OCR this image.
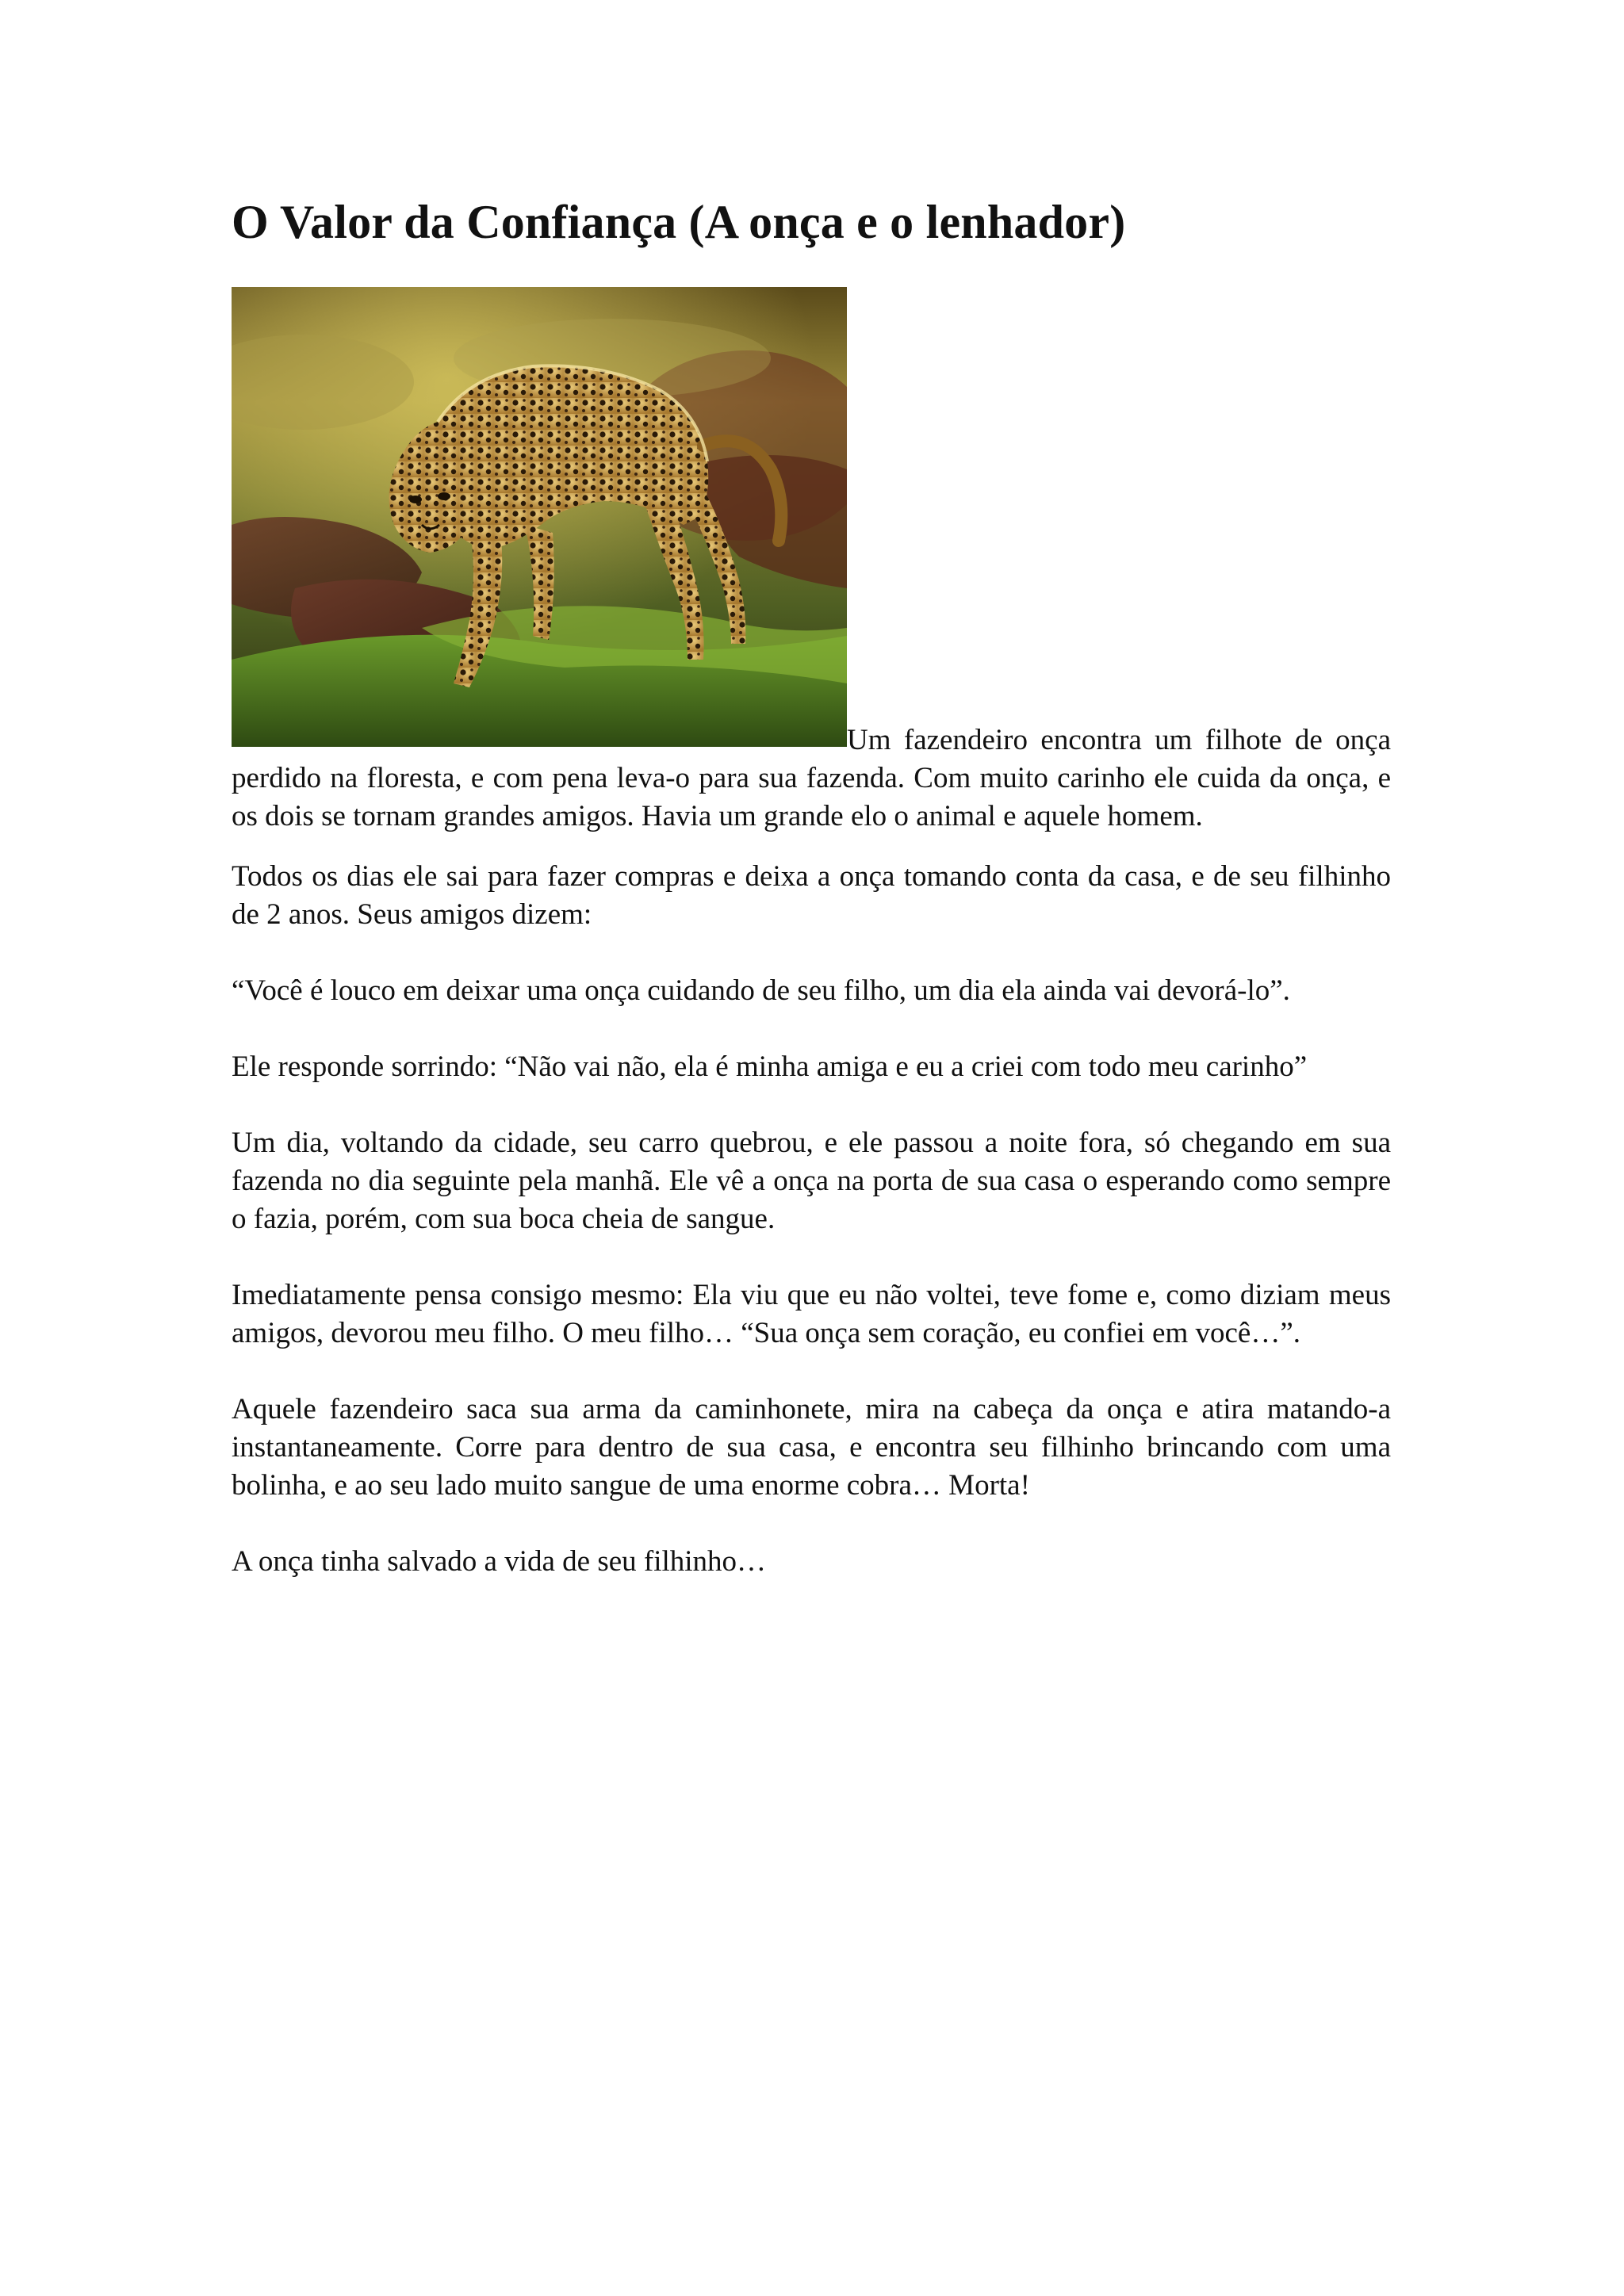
O Valor da Confiança (A onça e o lenhador)

Um fazendeiro encontra um filhote de onça perdido na floresta, e com pena leva-o para sua fazenda. Com muito carinho ele cuida da onça, e os dois se tornam grandes amigos. Havia um grande elo o animal e aquele homem.

Todos os dias ele sai para fazer compras e deixa a onça tomando conta da casa, e de seu filhinho de 2 anos. Seus amigos dizem:

“Você é louco em deixar uma onça cuidando de seu filho, um dia ela ainda vai devorá-lo”.

Ele responde sorrindo: “Não vai não, ela é minha amiga e eu a criei com todo meu carinho”

Um dia, voltando da cidade, seu carro quebrou, e ele passou a noite fora, só chegando em sua fazenda no dia seguinte pela manhã. Ele vê a onça na porta de sua casa o esperando como sempre o fazia, porém, com sua boca cheia de sangue.

Imediatamente pensa consigo mesmo: Ela viu que eu não voltei, teve fome e, como diziam meus amigos, devorou meu filho. O meu filho… “Sua onça sem coração, eu confiei em você…”.

Aquele fazendeiro saca sua arma da caminhonete, mira na cabeça da onça e atira matando-a instantaneamente. Corre para dentro de sua casa, e encontra seu filhinho brincando com uma bolinha, e ao seu lado muito sangue de uma enorme cobra… Morta!

A onça tinha salvado a vida de seu filhinho…
